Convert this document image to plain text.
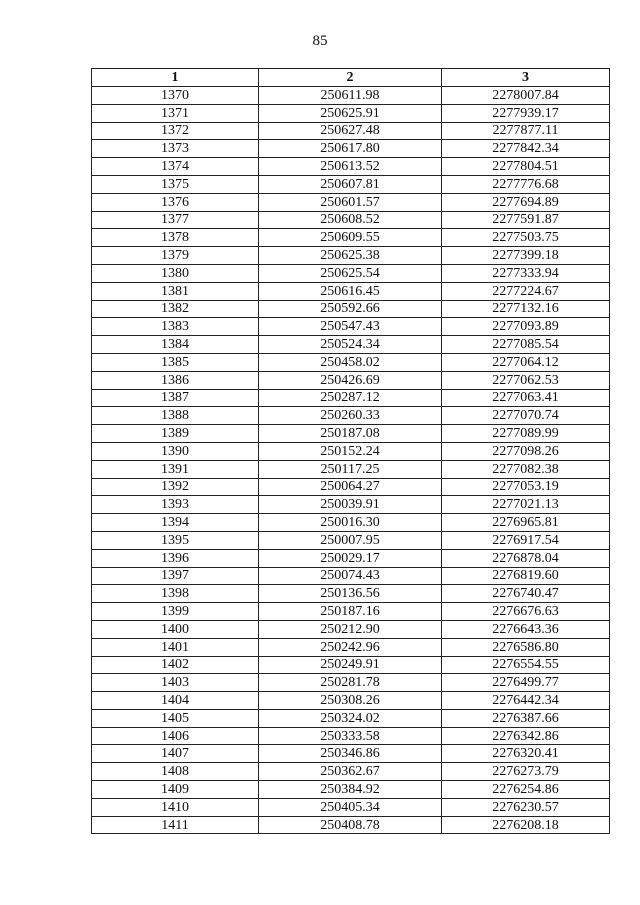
85
1	2	3
1370	250611.98	2278007.84
1371	250625.91	2277939.17
1372	250627.48	2277877.11
1373	250617.80	2277842.34
1374	250613.52	2277804.51
1375	250607.81	2277776.68
1376	250601.57	2277694.89
1377	250608.52	2277591.87
1378	250609.55	2277503.75
1379	250625.38	2277399.18
1380	250625.54	2277333.94
1381	250616.45	2277224.67
1382	250592.66	2277132.16
1383	250547.43	2277093.89
1384	250524.34	2277085.54
1385	250458.02	2277064.12
1386	250426.69	2277062.53
1387	250287.12	2277063.41
1388	250260.33	2277070.74
1389	250187.08	2277089.99
1390	250152.24	2277098.26
1391	250117.25	2277082.38
1392	250064.27	2277053.19
1393	250039.91	2277021.13
1394	250016.30	2276965.81
1395	250007.95	2276917.54
1396	250029.17	2276878.04
1397	250074.43	2276819.60
1398	250136.56	2276740.47
1399	250187.16	2276676.63
1400	250212.90	2276643.36
1401	250242.96	2276586.80
1402	250249.91	2276554.55
1403	250281.78	2276499.77
1404	250308.26	2276442.34
1405	250324.02	2276387.66
1406	250333.58	2276342.86
1407	250346.86	2276320.41
1408	250362.67	2276273.79
1409	250384.92	2276254.86
1410	250405.34	2276230.57
1411	250408.78	2276208.18
